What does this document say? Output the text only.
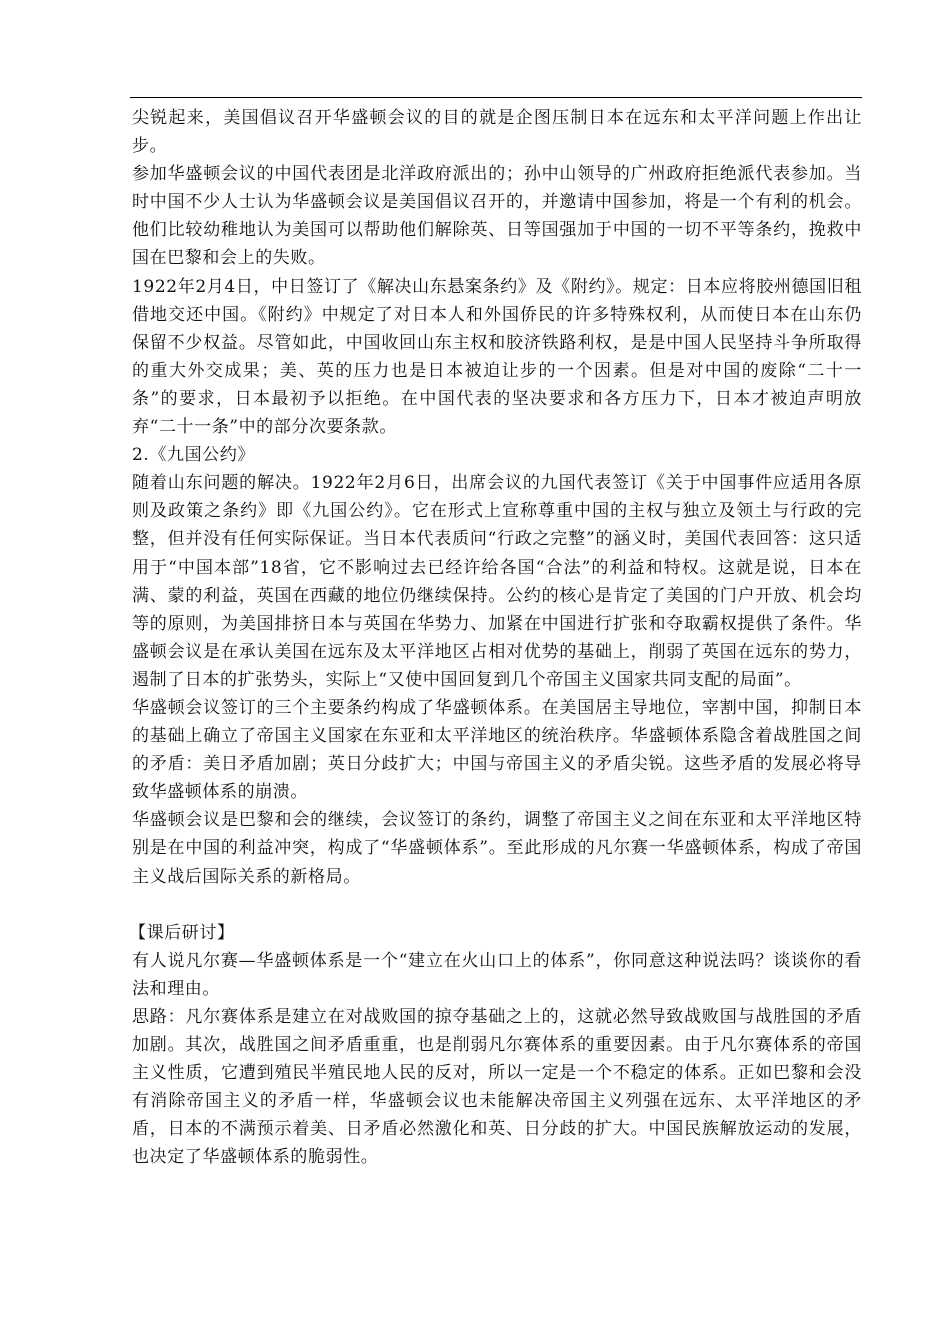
尖锐起来，美国倡议召开华盛顿会议的目的就是企图压制日本在远东和太平洋问题上作出让步。

参加华盛顿会议的中国代表团是北洋政府派出的；孙中山领导的广州政府拒绝派代表参加。当时中国不少人士认为华盛顿会议是美国倡议召开的，并邀请中国参加，将是一个有利的机会。他们比较幼稚地认为美国可以帮助他们解除英、日等国强加于中国的一切不平等条约，挽救中国在巴黎和会上的失败。

1922年2月4日，中日签订了《解决山东悬案条约》及《附约》。规定：日本应将胶州德国旧租借地交还中国。《附约》中规定了对日本人和外国侨民的许多特殊权利，从而使日本在山东仍保留不少权益。尽管如此，中国收回山东主权和胶济铁路利权，是是中国人民坚持斗争所取得的重大外交成果；美、英的压力也是日本被迫让步的一个因素。但是对中国的废除“二十一条”的要求，日本最初予以拒绝。在中国代表的坚决要求和各方压力下，日本才被迫声明放弃“二十一条”中的部分次要条款。

2.《九国公约》

随着山东问题的解决。1922年2月6日，出席会议的九国代表签订《关于中国事件应适用各原则及政策之条约》即《九国公约》。它在形式上宣称尊重中国的主权与独立及领土与行政的完整，但并没有任何实际保证。当日本代表质问“行政之完整”的涵义时，美国代表回答：这只适用于“中国本部”18省，它不影响过去已经许给各国“合法”的利益和特权。这就是说，日本在满、蒙的利益，英国在西藏的地位仍继续保持。公约的核心是肯定了美国的门户开放、机会均等的原则，为美国排挤日本与英国在华势力、加紧在中国进行扩张和夺取霸权提供了条件。华盛顿会议是在承认美国在远东及太平洋地区占相对优势的基础上，削弱了英国在远东的势力，遏制了日本的扩张势头，实际上“又使中国回复到几个帝国主义国家共同支配的局面”。

华盛顿会议签订的三个主要条约构成了华盛顿体系。在美国居主导地位，宰割中国，抑制日本的基础上确立了帝国主义国家在东亚和太平洋地区的统治秩序。华盛顿体系隐含着战胜国之间的矛盾：美日矛盾加剧；英日分歧扩大；中国与帝国主义的矛盾尖锐。这些矛盾的发展必将导致华盛顿体系的崩溃。

华盛顿会议是巴黎和会的继续，会议签订的条约，调整了帝国主义之间在东亚和太平洋地区特别是在中国的利益冲突，构成了“华盛顿体系”。至此形成的凡尔赛一华盛顿体系，构成了帝国主义战后国际关系的新格局。

【课后研讨】

有人说凡尔赛—华盛顿体系是一个“建立在火山口上的体系”，你同意这种说法吗？谈谈你的看法和理由。

思路：凡尔赛体系是建立在对战败国的掠夺基础之上的，这就必然导致战败国与战胜国的矛盾加剧。其次，战胜国之间矛盾重重，也是削弱凡尔赛体系的重要因素。由于凡尔赛体系的帝国主义性质，它遭到殖民半殖民地人民的反对，所以一定是一个不稳定的体系。正如巴黎和会没有消除帝国主义的矛盾一样，华盛顿会议也未能解决帝国主义列强在远东、太平洋地区的矛盾，日本的不满预示着美、日矛盾必然激化和英、日分歧的扩大。中国民族解放运动的发展，也决定了华盛顿体系的脆弱性。
